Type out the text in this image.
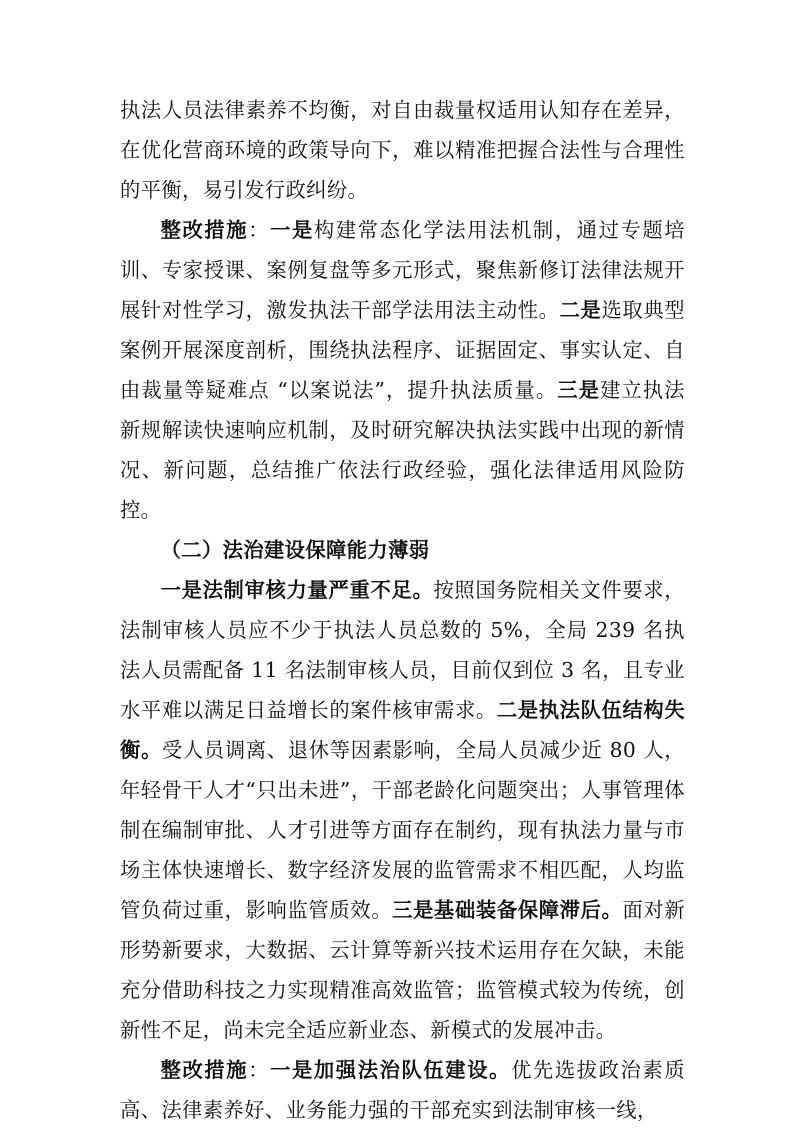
执法人员法律素养不均衡，对自由裁量权适用认知存在差异，在优化营商环境的政策导向下，难以精准把握合法性与合理性的平衡，易引发行政纠纷。

整改措施：一是构建常态化学法用法机制，通过专题培训、专家授课、案例复盘等多元形式，聚焦新修订法律法规开展针对性学习，激发执法干部学法用法主动性。二是选取典型案例开展深度剖析，围绕执法程序、证据固定、事实认定、自由裁量等疑难点 “以案说法”，提升执法质量。三是建立执法新规解读快速响应机制，及时研究解决执法实践中出现的新情况、新问题，总结推广依法行政经验，强化法律适用风险防控。

（二）法治建设保障能力薄弱

一是法制审核力量严重不足。按照国务院相关文件要求，法制审核人员应不少于执法人员总数的 5%，全局 239 名执法人员需配备 11 名法制审核人员，目前仅到位 3 名，且专业水平难以满足日益增长的案件核审需求。二是执法队伍结构失衡。受人员调离、退休等因素影响，全局人员减少近 80 人，年轻骨干人才“只出未进”，干部老龄化问题突出；人事管理体制在编制审批、人才引进等方面存在制约，现有执法力量与市场主体快速增长、数字经济发展的监管需求不相匹配，人均监管负荷过重，影响监管质效。三是基础装备保障滞后。面对新形势新要求，大数据、云计算等新兴技术运用存在欠缺，未能充分借助科技之力实现精准高效监管；监管模式较为传统，创新性不足，尚未完全适应新业态、新模式的发展冲击。

整改措施：一是加强法治队伍建设。优先选拔政治素质高、法律素养好、业务能力强的干部充实到法制审核一线，
